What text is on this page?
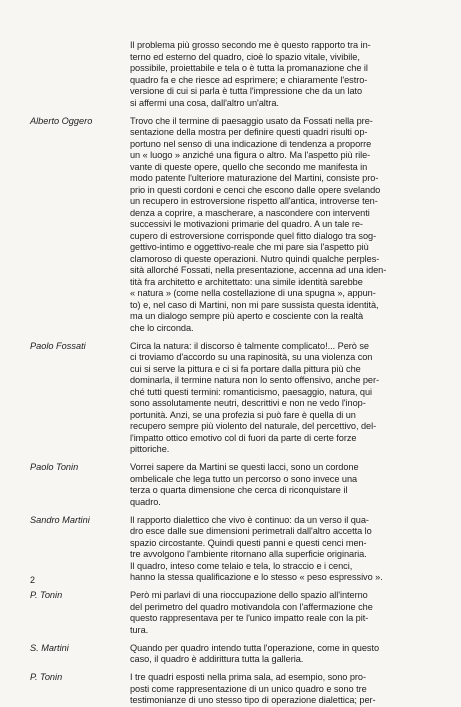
Il problema più grosso secondo me è questo rapporto tra in-
terno ed esterno del quadro, cioè lo spazio vitale, vivibile,
possibile, proiettabile e tela o è tutta la promanazione che il
quadro fa e che riesce ad esprimere; e chiaramente l'estro-
versione di cui si parla è tutta l'impressione che da un lato
si affermi una cosa, dall'altro un'altra.
Alberto Oggero	Trovo che il termine di paesaggio usato da Fossati nella pre-
sentazione della mostra per definire questi quadri risulti op-
portuno nel senso di una indicazione di tendenza a proporre
un « luogo » anziché una figura o altro. Ma l'aspetto più rile-
vante di queste opere, quello che secondo me manifesta in
modo patente l'ulteriore maturazione del Martini, consiste pro-
prio in questi cordoni e cenci che escono dalle opere svelando
un recupero in estroversione rispetto all'antica, introverse ten-
denza a coprire, a mascherare, a nascondere con interventi
successivi le motivazioni primarie del quadro. A un tale re-
cupero di estroversione corrisponde quel fitto dialogo tra sog-
gettivo-intimo e oggettivo-reale che mi pare sia l'aspetto più
clamoroso di queste operazioni. Nutro quindi qualche perples-
sità allorché Fossati, nella presentazione, accenna ad una iden-
tità fra architetto e architettato: una simile identità sarebbe
« natura » (come nella costellazione di una spugna », appun-
to) e, nel caso di Martini, non mi pare sussista questa identità,
ma un dialogo sempre più aperto e cosciente con la realtà
che lo circonda.
Paolo Fossati	Circa la natura: il discorso è talmente complicato!... Però se
ci troviamo d'accordo su una rapinosità, su una violenza con
cui si serve la pittura e ci si fa portare dalla pittura più che
dominarla, il termine natura non lo sento offensivo, anche per-
ché tutti questi termini: romanticismo, paesaggio, natura, qui
sono assolutamente neutri, descrittivi e non ne vedo l'inop-
portunità. Anzi, se una profezia si può fare è quella di un
recupero sempre più violento del naturale, del percettivo, del-
l'impatto ottico emotivo col di fuori da parte di certe forze
pittoriche.
Paolo Tonin	Vorrei sapere da Martini se questi lacci, sono un cordone
ombelicale che lega tutto un percorso o sono invece una
terza o quarta dimensione che cerca di riconquistare il
quadro.
Sandro Martini	Il rapporto dialettico che vivo è continuo: da un verso il qua-
dro esce dalle sue dimensioni perimetrali dall'altro accetta lo
spazio circostante. Quindi questi panni e questi cenci men-
tre avvolgono l'ambiente ritornano alla superficie originaria.
Il quadro, inteso come telaio e tela, lo straccio e i cenci,
hanno la stessa qualificazione e lo stesso « peso espressivo ».
P. Tonin	Però mi parlavi di una rioccupazione dello spazio all'interno
del perimetro del quadro motivandola con l'affermazione che
questo rappresentava per te l'unico impatto reale con la pit-
tura.
S. Martini	Quando per quadro intendo tutta l'operazione, come in questo
caso, il quadro è addirittura tutta la galleria.
P. Tonin	I tre quadri esposti nella prima sala, ad esempio, sono pro-
posti come rappresentazione di un unico quadro e sono tre
testimonianze di uno stesso tipo di operazione dialettica; per-
2
